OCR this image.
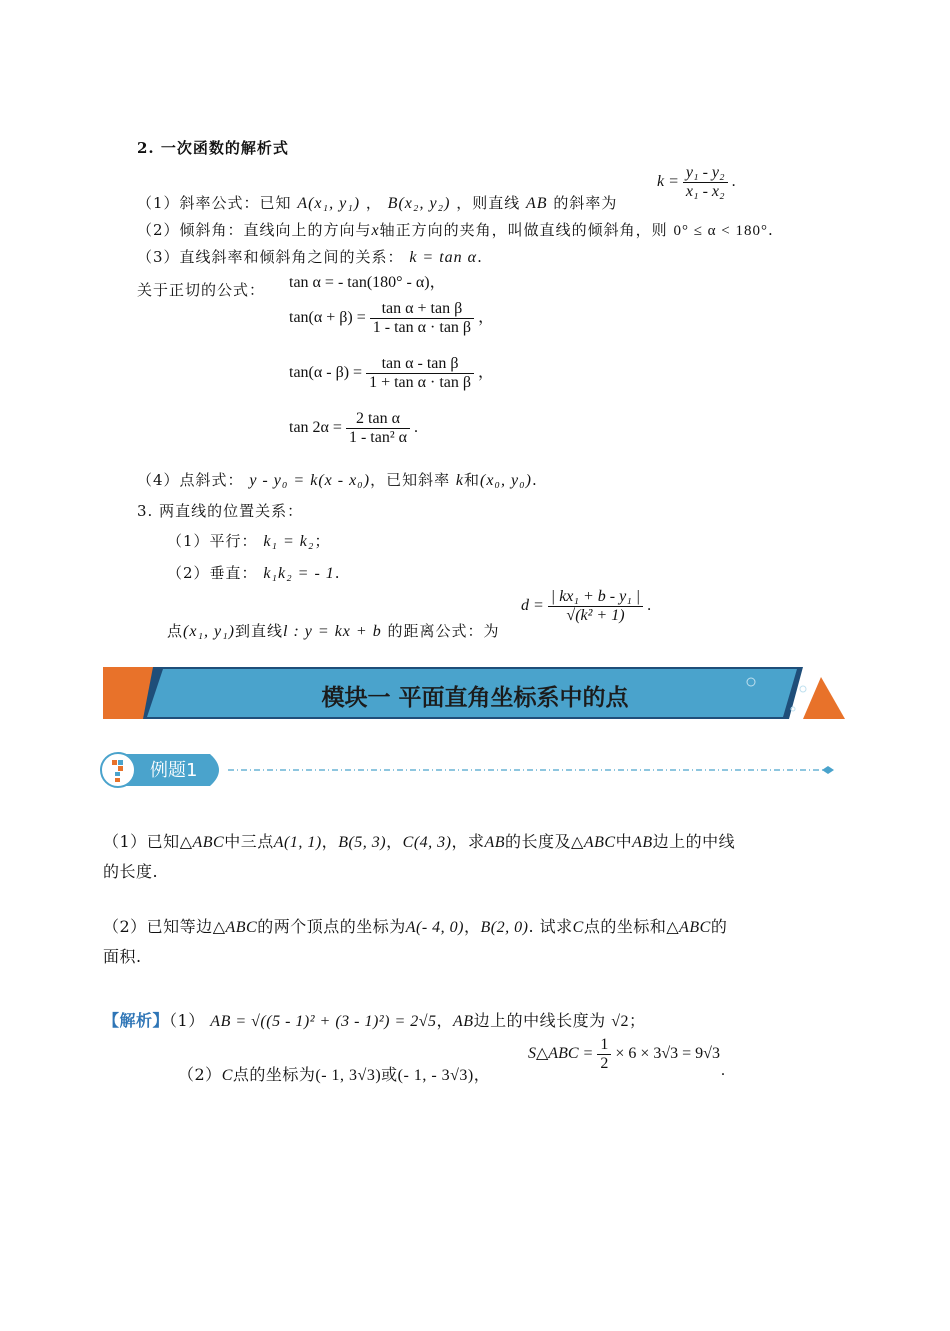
2. 一次函数的解析式
（1）斜率公式：已知 A(x₁, y₁) ， B(x₂, y₂) ，则直线 AB 的斜率为
$k = \frac{\text{y₁ - y₂}}{\text{x₁ - x₂}}$ .
（2）倾斜角：直线向上的方向与x轴正方向的夹角，叫做直线的倾斜角，则 0° ≤ α < 180°.
（3）直线斜率和倾斜角之间的关系： k = tan α.
关于正切的公式： tan α = - tan(180° - α)，
$\tan(\alpha + \beta) = \frac{\text{tan α + tan β}}{\text{1 - tan α · tan β}}$ ，
$\tan(\alpha - \beta) = \frac{\text{tan α - tan β}}{\text{1 + tan α · tan β}}$ ，
$\tan 2\alpha = \frac{\text{2 tan α}}{\text{1 - tan² α}}$ .
（4）点斜式： y - y₀ = k(x - x₀)，已知斜率 k和(x₀, y₀).
3. 两直线的位置关系：
（1）平行： k₁ = k₂；
（2）垂直： k₁k₂ = - 1.
点(x₁, y₁)到直线l : y = kx + b 的距离公式：为
$d = \frac{\text{| kx₁ + b - y₁ |}}{\text{√(k² + 1)}}$ .
模块一 平面直角坐标系中的点
例题1
（1）已知△ABC中三点A(1, 1)，B(5, 3)，C(4, 3)，求AB的长度及△ABC中AB边上的中线
的长度.
（2）已知等边△ABC的两个顶点的坐标为A(- 4, 0)，B(2, 0). 试求C点的坐标和△ABC的
面积.
【解析】（1） AB = √((5 - 1)² + (3 - 1)²) = 2√5，AB边上的中线长度为 √2；
（2）C点的坐标为(- 1, 3√3)或(- 1, - 3√3)，
S△ABC = $\frac{1}{2} \times 6 \times 3√3 = 9√3$
.
